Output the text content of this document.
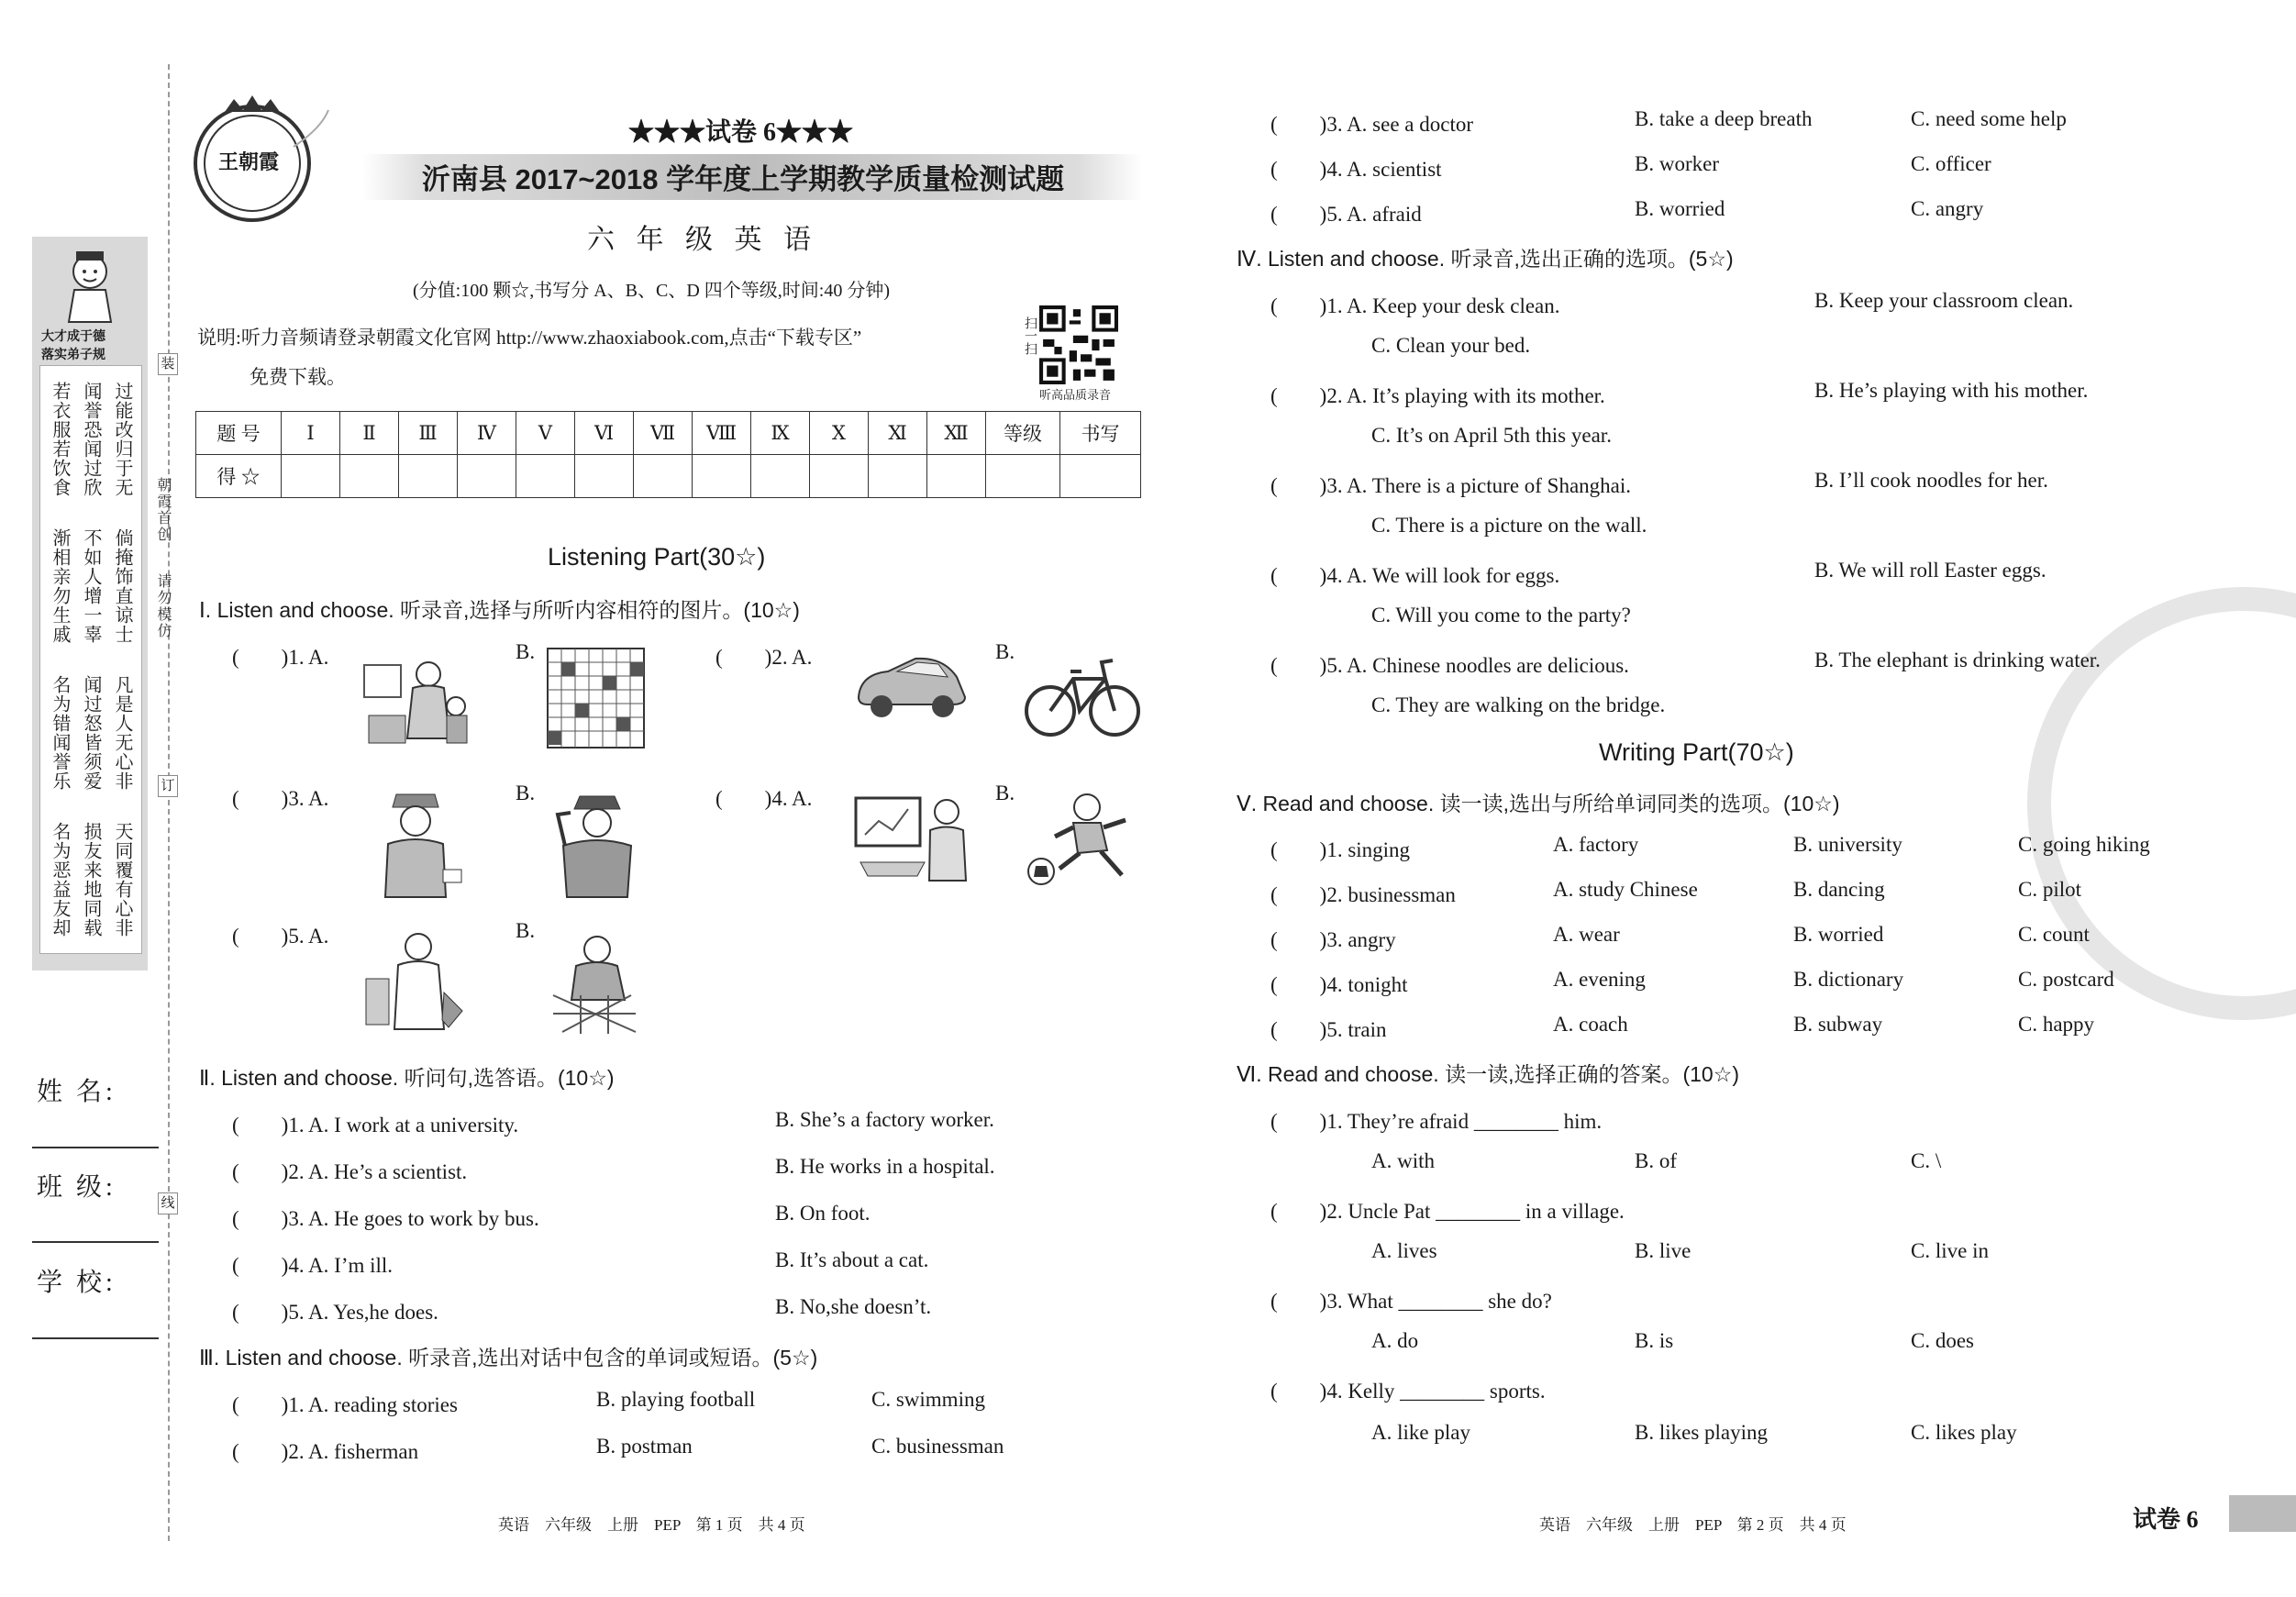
大才成于德
落实弟子规
过能改归于无
闻誉恐闻过欣
若衣服若饮食
倘掩饰直谅士
不如人增一辜
渐相亲勿生戚
凡是人无心非
闻过怒皆须爱
名为错闻誉乐
天同覆有心非
损友来地同载
名为恶益友却
装
朝霞首创
请勿模仿
订
线
姓 名:
班 级:
学 校:
王朝霞
★★★试卷 6★★★
沂南县 2017~2018 学年度上学期教学质量检测试题
六 年 级 英 语
(分值:100 颗☆,书写分 A、B、C、D 四个等级,时间:40 分钟)
说明:听力音频请登录朝霞文化官网 http://www.zhaoxiabook.com,点击“下载专区”
免费下载。
扫一扫
听高品质录音
题 号	Ⅰ	Ⅱ	Ⅲ	Ⅳ	Ⅴ	Ⅵ	Ⅶ	Ⅷ	Ⅸ	Ⅹ	Ⅺ	Ⅻ	等级	书写
得 ☆														
Listening Part(30☆)
Ⅰ. Listen and choose. 听录音,选择与所听内容相符的图片。(10☆)
(　　)1. A.	B.	(　　)2. A.	B.
(　　)3. A.	B.	(　　)4. A.	B.
(　　)5. A.	B.
Ⅱ. Listen and choose. 听问句,选答语。(10☆)
(　　)1. A. I work at a university.	B. She’s a factory worker.
(　　)2. A. He’s a scientist.	B. He works in a hospital.
(　　)3. A. He goes to work by bus.	B. On foot.
(　　)4. A. I’m ill.	B. It’s about a cat.
(　　)5. A. Yes,he does.	B. No,she doesn’t.
Ⅲ. Listen and choose. 听录音,选出对话中包含的单词或短语。(5☆)
(　　)1. A. reading stories	B. playing football	C. swimming
(　　)2. A. fisherman	B. postman	C. businessman
英语　六年级　上册　PEP　第 1 页　共 4 页
(　　)3. A. see a doctor	B. take a deep breath	C. need some help
(　　)4. A. scientist	B. worker	C. officer
(　　)5. A. afraid	B. worried	C. angry
Ⅳ. Listen and choose. 听录音,选出正确的选项。(5☆)
(　　)1. A. Keep your desk clean.	B. Keep your classroom clean.
C. Clean your bed.
(　　)2. A. It’s playing with its mother.	B. He’s playing with his mother.
C. It’s on April 5th this year.
(　　)3. A. There is a picture of Shanghai.	B. I’ll cook noodles for her.
C. There is a picture on the wall.
(　　)4. A. We will look for eggs.	B. We will roll Easter eggs.
C. Will you come to the party?
(　　)5. A. Chinese noodles are delicious.	B. The elephant is drinking water.
C. They are walking on the bridge.
Writing Part(70☆)
Ⅴ. Read and choose. 读一读,选出与所给单词同类的选项。(10☆)
(　　)1. singing	A. factory	B. university	C. going hiking
(　　)2. businessman	A. study Chinese	B. dancing	C. pilot
(　　)3. angry	A. wear	B. worried	C. count
(　　)4. tonight	A. evening	B. dictionary	C. postcard
(　　)5. train	A. coach	B. subway	C. happy
Ⅵ. Read and choose. 读一读,选择正确的答案。(10☆)
(　　)1. They’re afraid ________ him.
A. with	B. of	C. \
(　　)2. Uncle Pat ________ in a village.
A. lives	B. live	C. live in
(　　)3. What ________ she do?
A. do	B. is	C. does
(　　)4. Kelly ________ sports.
A. like play	B. likes playing	C. likes play
英语　六年级　上册　PEP　第 2 页　共 4 页	试卷 6
